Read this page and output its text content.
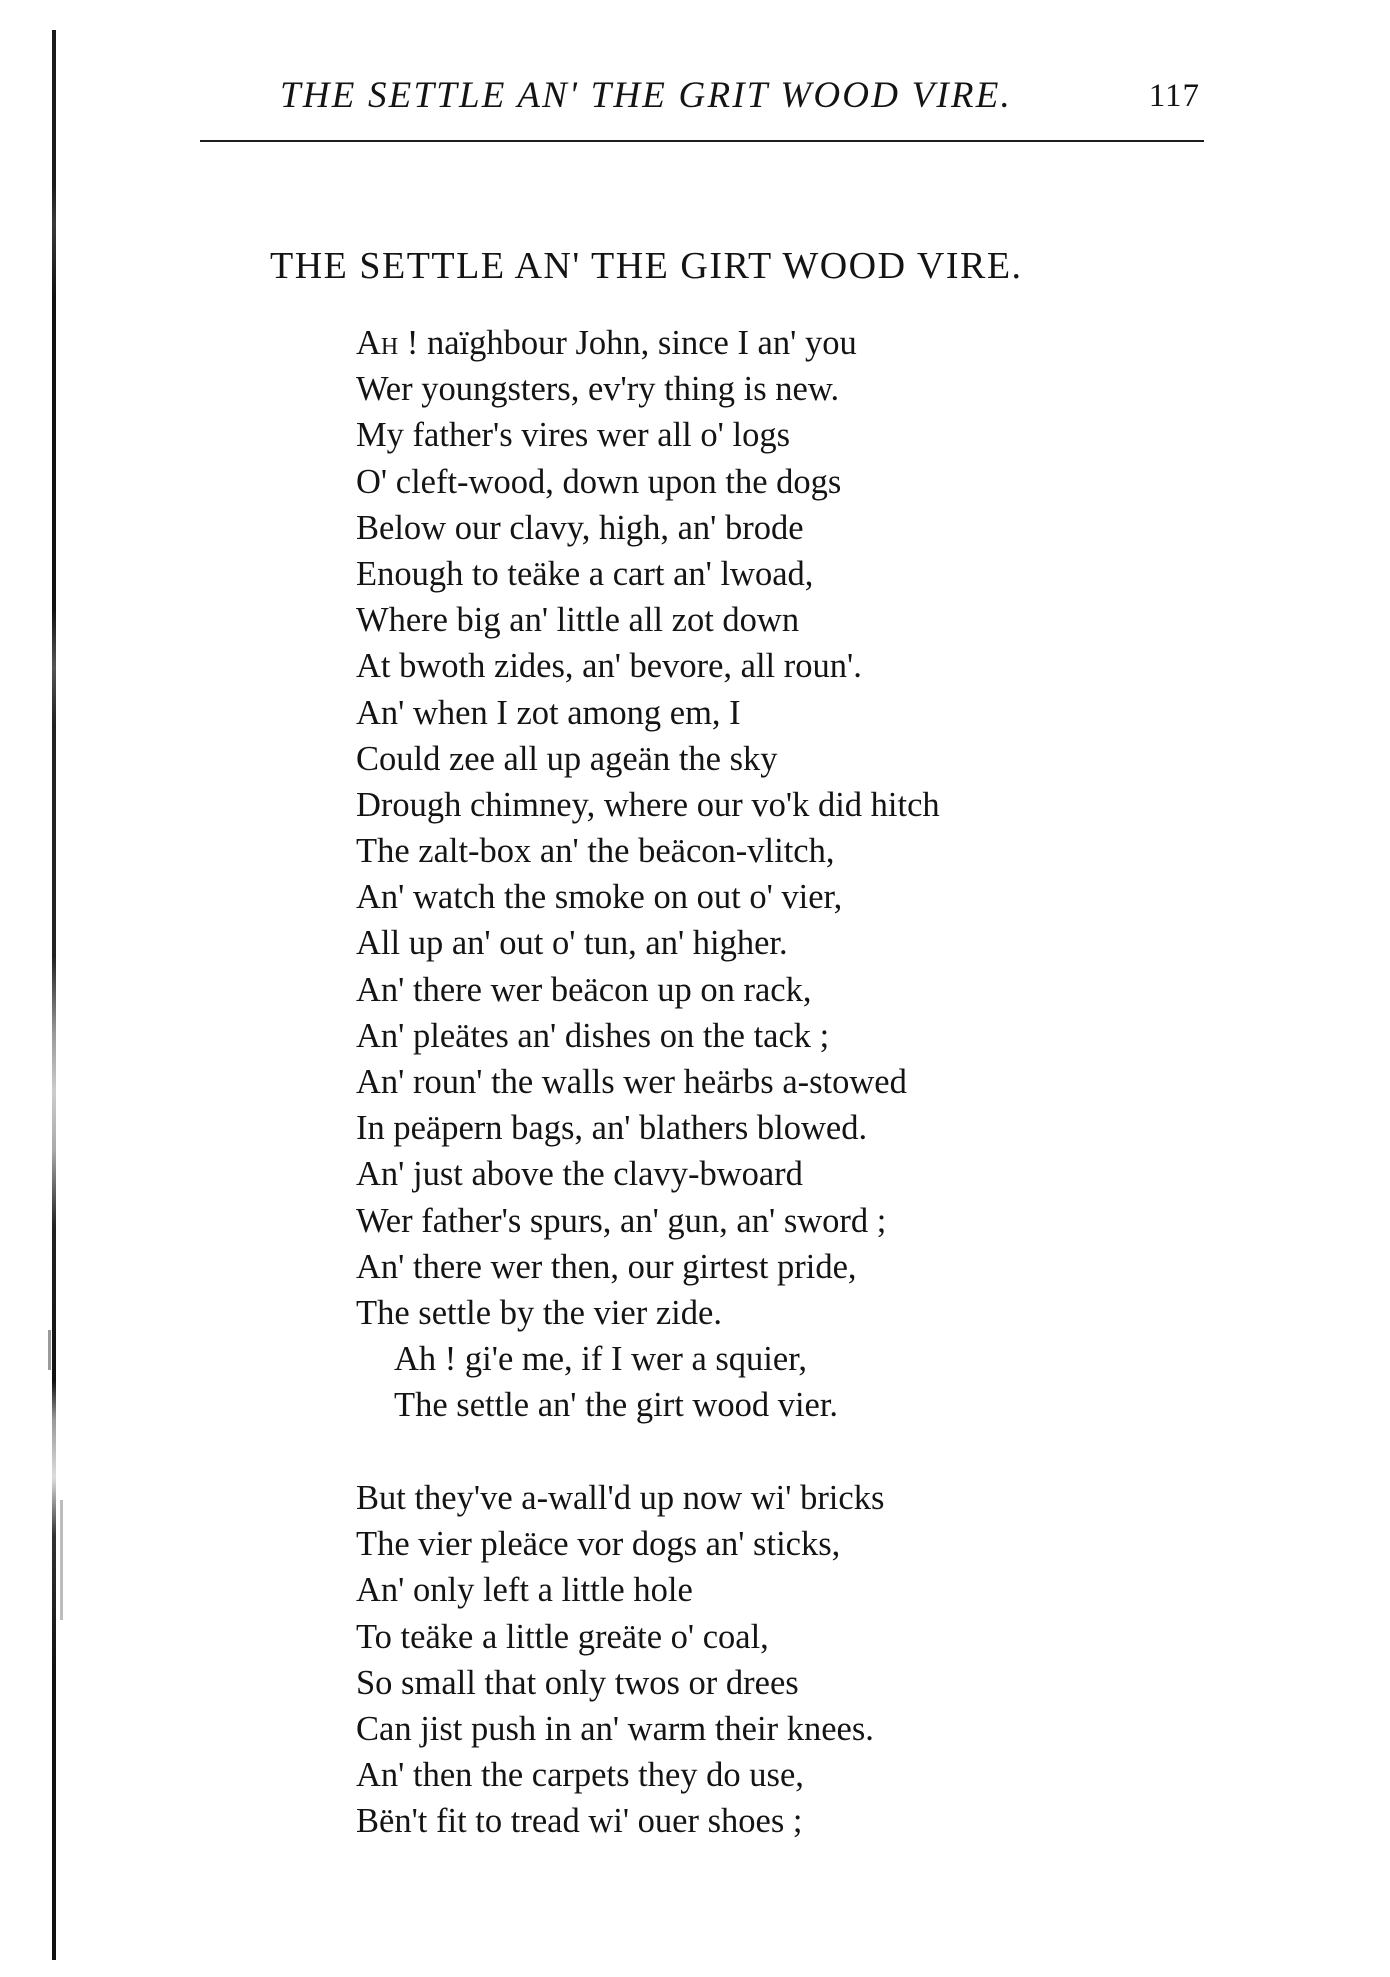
THE SETTLE AN' THE GRIT WOOD VIRE.	117
THE SETTLE AN' THE GIRT WOOD VIRE.
Ah ! naïghbour John, since I an' you
Wer youngsters, ev'ry thing is new.
My father's vires wer all o' logs
O' cleft-wood, down upon the dogs
Below our clavy, high, an' brode
Enough to teäke a cart an' lwoad,
Where big an' little all zot down
At bwoth zides, an' bevore, all roun'.
An' when I zot among em, I
Could zee all up ageän the sky
Drough chimney, where our vo'k did hitch
The zalt-box an' the beäcon-vlitch,
An' watch the smoke on out o' vier,
All up an' out o' tun, an' higher.
An' there wer beäcon up on rack,
An' pleätes an' dishes on the tack ;
An' roun' the walls wer heärbs a-stowed
In peäpern bags, an' blathers blowed.
An' just above the clavy-bwoard
Wer father's spurs, an' gun, an' sword ;
An' there wer then, our girtest pride,
The settle by the vier zide.
Ah ! gi'e me, if I wer a squier,
The settle an' the girt wood vier.
But they've a-wall'd up now wi' bricks
The vier pleäce vor dogs an' sticks,
An' only left a little hole
To teäke a little greäte o' coal,
So small that only twos or drees
Can jist push in an' warm their knees.
An' then the carpets they do use,
Bën't fit to tread wi' ouer shoes ;
